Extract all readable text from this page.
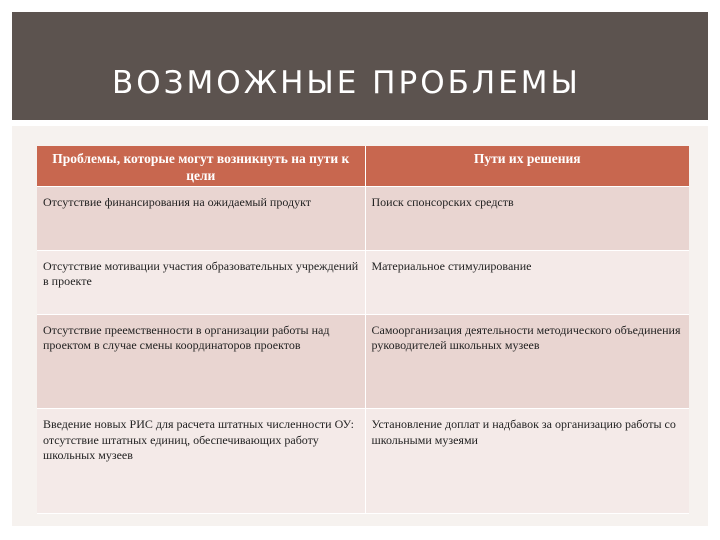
ВОЗМОЖНЫЕ ПРОБЛЕМЫ
Проблемы, которые могут возникнуть на пути к цели	Пути их решения
Отсутствие финансирования на ожидаемый продукт	Поиск спонсорских средств
Отсутствие мотивации участия образовательных учреждений в проекте	Материальное стимулирование
Отсутствие преемственности в организации работы над проектом в случае смены координаторов проектов	Самоорганизация деятельности методического объединения руководителей школьных музеев
Введение новых РИС для расчета штатных численности ОУ: отсутствие штатных единиц, обеспечивающих работу школьных музеев	Установление доплат и надбавок за организацию работы со школьными музеями
